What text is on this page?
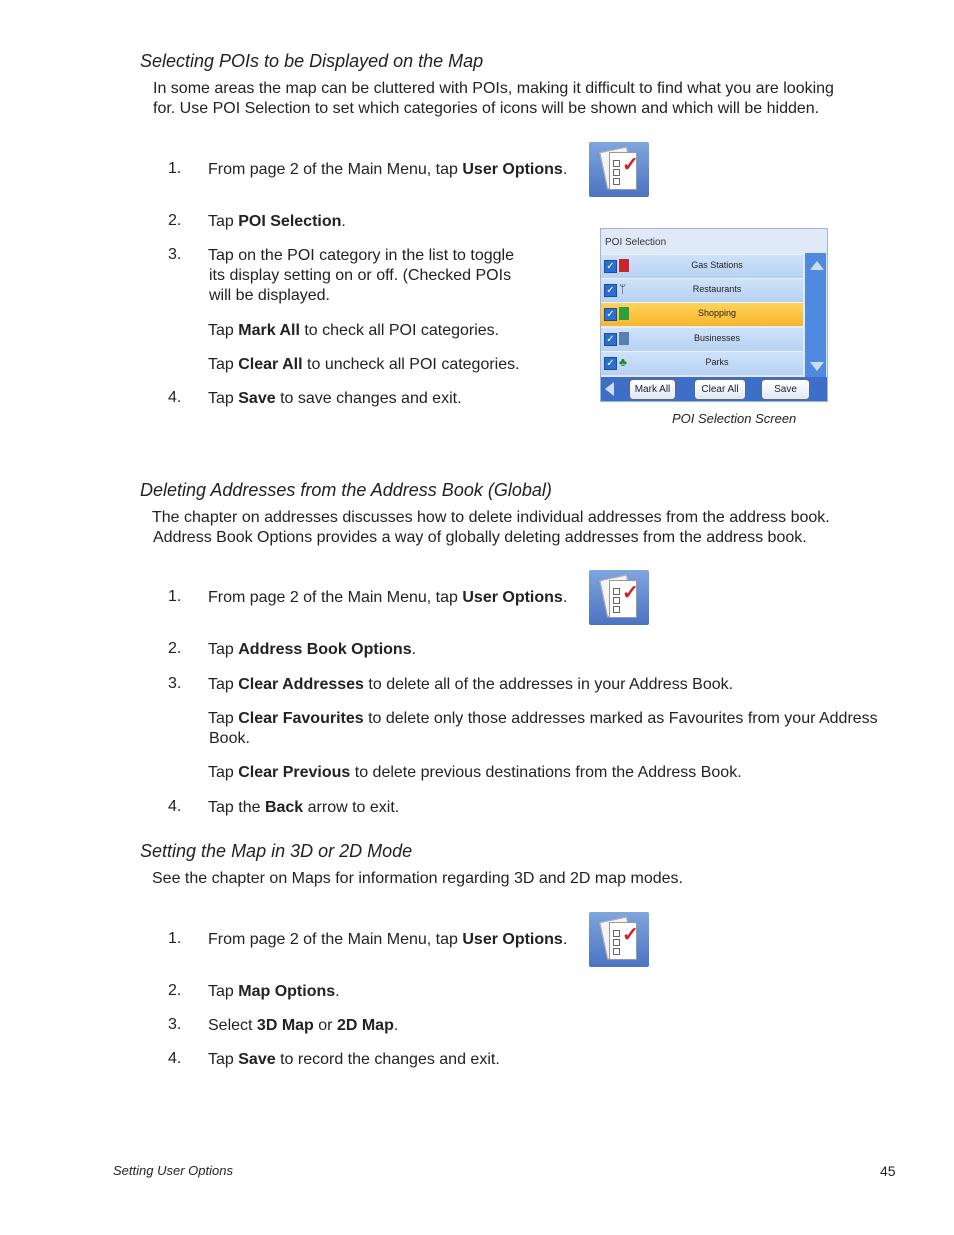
Selecting POIs to be Displayed on the Map
In some areas the map can be cluttered with POIs, making it difficult to find what you are looking
for. Use POI Selection to set which categories of icons will be shown and which will be hidden.
1. From page 2 of the Main Menu, tap User Options.	✓
2. Tap POI Selection.
3. Tap on the POI category in the list to toggle
its display setting on or off. (Checked POIs
will be displayed.
Tap Mark All to check all POI categories.
Tap Clear All to uncheck all POI categories.
4. Tap Save to save changes and exit.
POI Selection
✓	Gas Stations
✓ ᛘ	Restaurants
✓	Shopping
✓	Businesses
✓ ♣	Parks
Mark All	Clear All	Save
POI Selection Screen
Deleting Addresses from the Address Book (Global)
The chapter on addresses discusses how to delete individual addresses from the address book.
Address Book Options provides a way of globally deleting addresses from the address book.
1. From page 2 of the Main Menu, tap User Options.	✓
2. Tap Address Book Options.
3. Tap Clear Addresses to delete all of the addresses in your Address Book.
Tap Clear Favourites to delete only those addresses marked as Favourites from your Address
Book.
Tap Clear Previous to delete previous destinations from the Address Book.
4. Tap the Back arrow to exit.
Setting the Map in 3D or 2D Mode
See the chapter on Maps for information regarding 3D and 2D map modes.
1. From page 2 of the Main Menu, tap User Options.	✓
2. Tap Map Options.
3. Select 3D Map or 2D Map.
4. Tap Save to record the changes and exit.
Setting User Options	45
